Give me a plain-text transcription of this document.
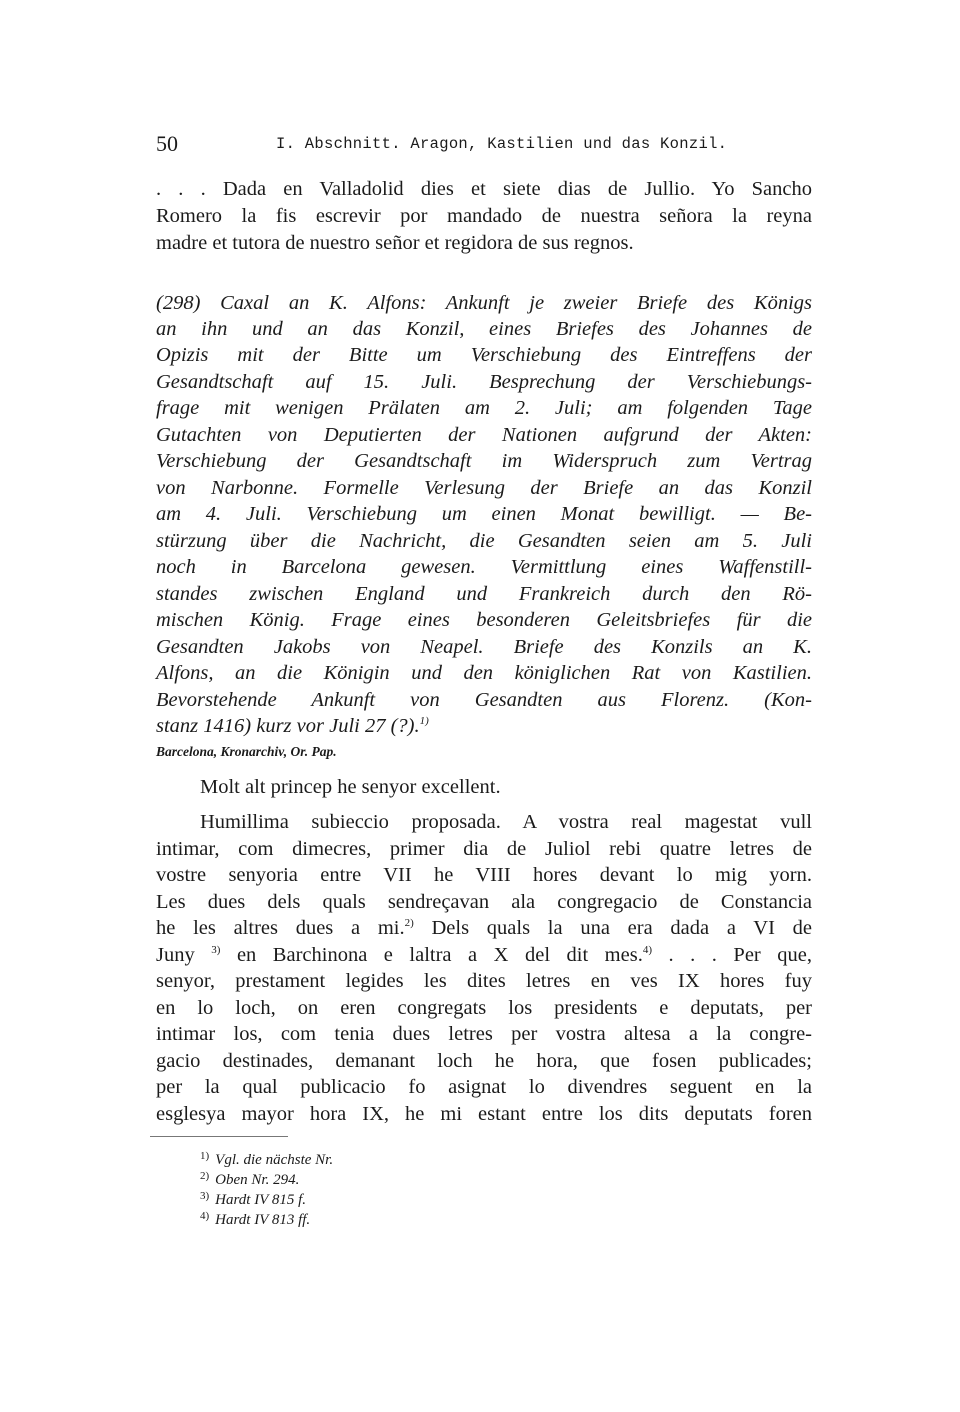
50	I. Abschnitt. Aragon, Kastilien und das Konzil.

. . . Dada en Valladolid dies et siete dias de Jullio. Yo Sancho

Romero la fis escrevir por mandado de nuestra señora la reyna

madre et tutora de nuestro señor et regidora de sus regnos.

(298) Caxal an K. Alfons: Ankunft je zweier Briefe des Königs

an ihn und an das Konzil, eines Briefes des Johannes de

Opizis mit der Bitte um Verschiebung des Eintreffens der

Gesandtschaft auf 15. Juli. Besprechung der Verschiebungs-

frage mit wenigen Prälaten am 2. Juli; am folgenden Tage

Gutachten von Deputierten der Nationen aufgrund der Akten:

Verschiebung der Gesandtschaft im Widerspruch zum Vertrag

von Narbonne. Formelle Verlesung der Briefe an das Konzil

am 4. Juli. Verschiebung um einen Monat bewilligt. — Be-

stürzung über die Nachricht, die Gesandten seien am 5. Juli

noch in Barcelona gewesen. Vermittlung eines Waffenstill-

standes zwischen England und Frankreich durch den Rö-

mischen König. Frage eines besonderen Geleitsbriefes für die

Gesandten Jakobs von Neapel. Briefe des Konzils an K.

Alfons, an die Königin und den königlichen Rat von Kastilien.

Bevorstehende Ankunft von Gesandten aus Florenz. (Kon-

stanz 1416) kurz vor Juli 27 (?).$^{1)}$

Barcelona, Kronarchiv, Or. Pap.

Molt alt princep he senyor excellent.

Humillima subieccio proposada. A vostra real magestat vull

intimar, com dimecres, primer dia de Juliol rebi quatre letres de

vostre senyoria entre VII he VIII hores devant lo mig yorn.

Les dues dels quals sendreçavan ala congregacio de Constancia

he les altres dues a mi.$^{2)}$ Dels quals la una era dada a VI de

Juny $^{3)}$ en Barchinona e laltra a X del dit mes.$^{4)}$ . . . Per que,

senyor, prestament legides les dites letres en ves IX hores fuy

en lo loch, on eren congregats los presidents e deputats, per

intimar los, com tenia dues letres per vostra altesa a la congre-

gacio destinades, demanant loch he hora, que fosen publicades;

per la qual publicacio fo asignat lo divendres seguent en la

esglesya mayor hora IX, he mi estant entre los dits deputats foren

$^{1)}$ Vgl. die nächste Nr.
$^{2)}$ Oben Nr. 294.
$^{3)}$ Hardt IV 815 f.
$^{4)}$ Hardt IV 813 ff.
